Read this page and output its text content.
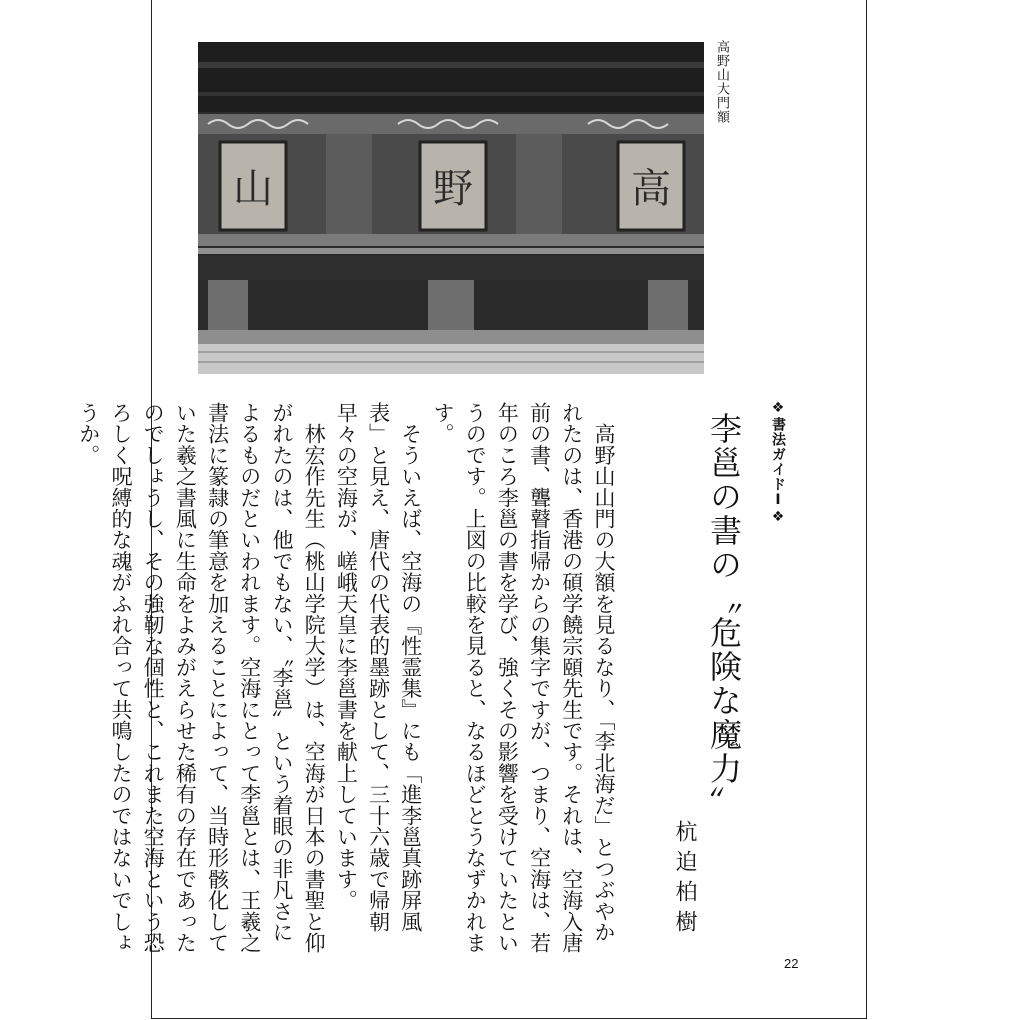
山	野	高
高野山大門額
❖書法ガイドⅠ❖
李邕の書の〝危険な魔力〟
杭迫柏樹

　高野山山門の大額を見るなり、「李北海だ」とつぶやかれたのは、香港の碩学饒宗頤先生です。それは、空海入唐前の書、聾瞽指帰からの集字ですが、つまり、空海は、若年のころ李邕の書を学び、強くその影響を受けていたというのです。上図の比較を見ると、なるほどとうなずかれます。

　そういえば、空海の『性霊集』にも「進李邕真跡屏風表」と見え、唐代の代表的墨跡として、三十六歳で帰朝早々の空海が、嵯峨天皇に李邕書を献上しています。

　林宏作先生（桃山学院大学）は、空海が日本の書聖と仰がれたのは、他でもない、〝李邕〟という着眼の非凡さによるものだといわれます。空海にとって李邕とは、王羲之書法に篆隷の筆意を加えることによって、当時形骸化していた羲之書風に生命をよみがえらせた稀有の存在であったのでしょうし、その強靭な個性と、これまた空海という恐ろしく呪縛的な魂がふれ合って共鳴したのではないでしょうか。

22
